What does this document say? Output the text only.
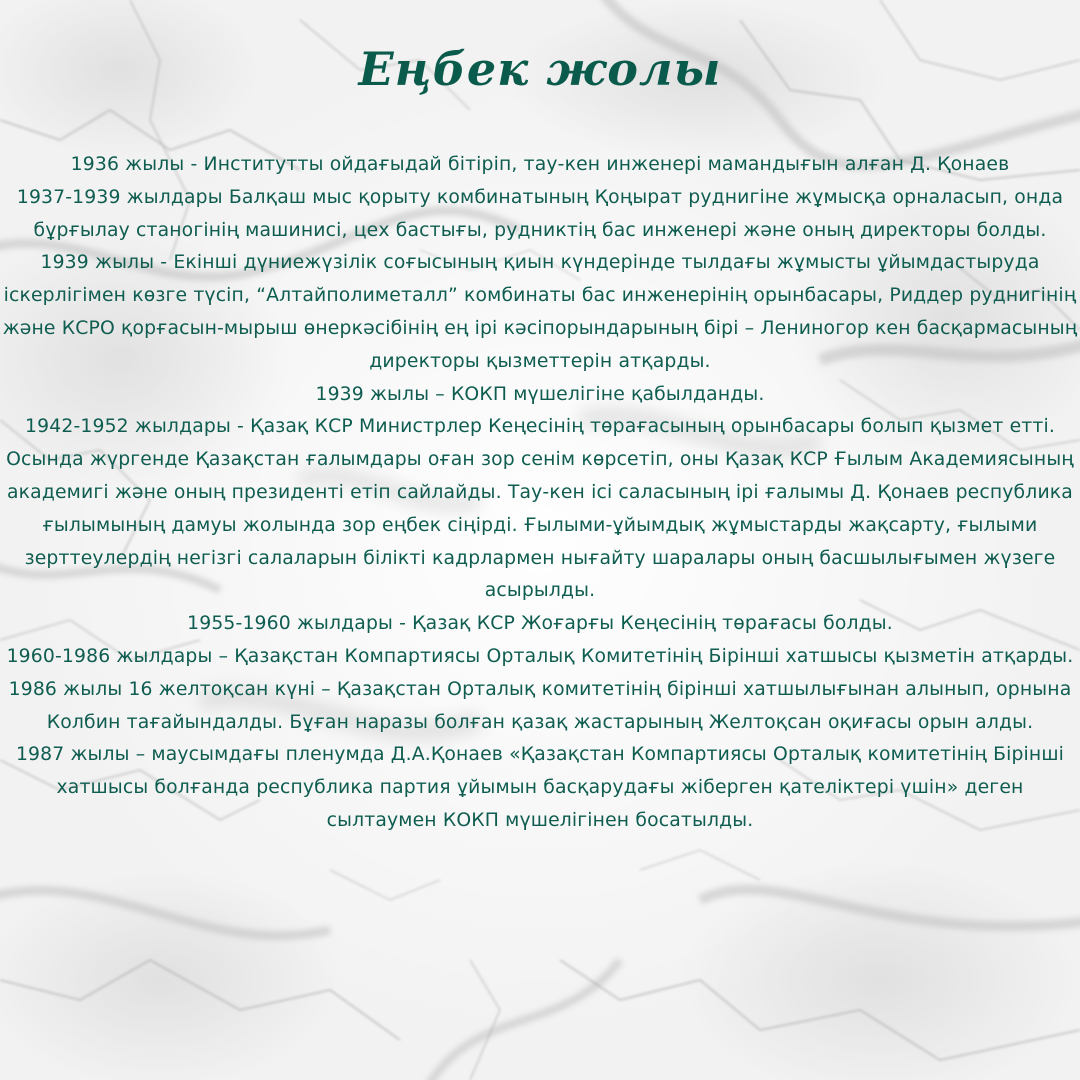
Еңбек жолы

1936 жылы - Институтты ойдағыдай бітіріп, тау-кен инженері мамандығын алған Д. Қонаев

1937-1939 жылдары Балқаш мыс қорыту комбинатының Қоңырат руднигіне жұмысқа орналасып, онда бұрғылау станогінің машинисі, цех бастығы, рудниктің бас инженері және оның директоры болды.

1939 жылы - Екінші дүниежүзілік соғысының қиын күндерінде тылдағы жұмысты ұйымдастыруда іскерлігімен көзге түсіп, “Алтайполиметалл” комбинаты бас инженерінің орынбасары, Риддер руднигінің және КСРО қорғасын-мырыш өнеркәсібінің ең ірі кәсіпорындарының бірі – Лениногор кен басқармасының директоры қызметтерін атқарды.

1939 жылы – КОКП мүшелігіне қабылданды.

1942-1952 жылдары - Қазақ КСР Министрлер Кеңесінің төрағасының орынбасары болып қызмет етті. Осында жүргенде Қазақстан ғалымдары оған зор сенім көрсетіп, оны Қазақ КСР Ғылым Академиясының академигі және оның президенті етіп сайлайды. Тау-кен ісі саласының ірі ғалымы Д. Қонаев республика ғылымының дамуы жолында зор еңбек сіңірді. Ғылыми-ұйымдық жұмыстарды жақсарту, ғылыми зерттеулердің негізгі салаларын білікті кадрлармен нығайту шаралары оның басшылығымен жүзеге асырылды.

1955-1960 жылдары - Қазақ КСР Жоғарғы Кеңесінің төрағасы болды.

1960-1986 жылдары – Қазақстан Компартиясы Орталық Комитетінің Бірінші хатшысы қызметін атқарды.

1986 жылы 16 желтоқсан күні – Қазақстан Орталық комитетінің бірінші хатшылығынан алынып, орнына Колбин тағайындалды. Бұған наразы болған қазақ жастарының Желтоқсан оқиғасы орын алды.

1987 жылы – маусымдағы пленумда Д.А.Қонаев «Қазақстан Компартиясы Орталық комитетінің Бірінші хатшысы болғанда республика партия ұйымын басқарудағы жіберген қателіктері үшін» деген сылтаумен КОКП мүшелігінен босатылды.
